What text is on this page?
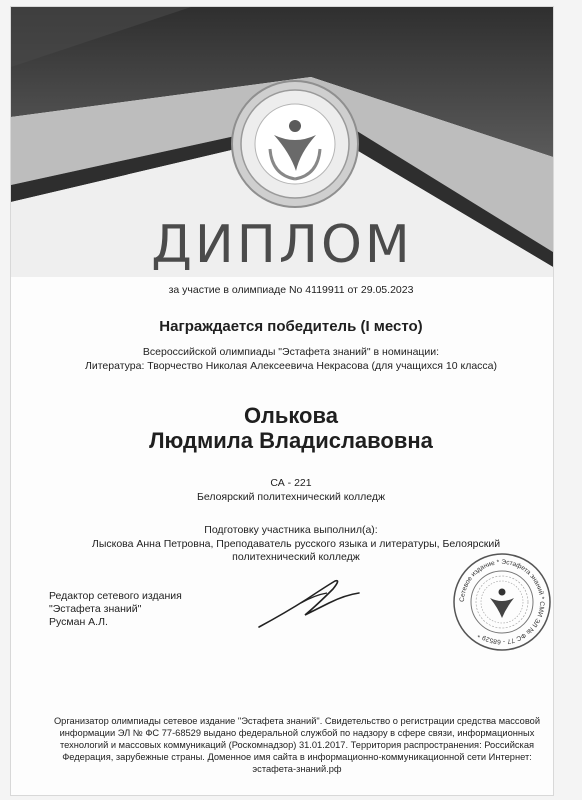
ДИПЛОМ
за участие в олимпиаде No 4119911 от 29.05.2023
Награждается победитель (I место)
Всероссийской олимпиады "Эстафета знаний" в номинации:
Литература: Творчество Николая Алексеевича Некрасова (для учащихся 10 класса)
Олькова
Людмила Владиславовна
СА - 221
Белоярский политехнический колледж
Подготовку участника выполнил(а):
Лыскова Анна Петровна, Преподаватель русского языка и литературы, Белоярский политехнический колледж
Редактор сетевого издания
"Эстафета знаний"
Русман А.Л.
Сетевое издание * Эстафета знаний * СМИ ЭЛ № ФС 77 - 68529 *
Организатор олимпиады сетевое издание "Эстафета знаний". Свидетельство о регистрации средства массовой информации ЭЛ № ФС 77-68529 выдано федеральной службой по надзору в сфере связи, информационных технологий и массовых коммуникаций (Роскомнадзор) 31.01.2017. Территория распространения: Российская Федерация, зарубежные страны. Доменное имя сайта в информационно-коммуникационной сети Интернет: эстафета-знаний.рф
